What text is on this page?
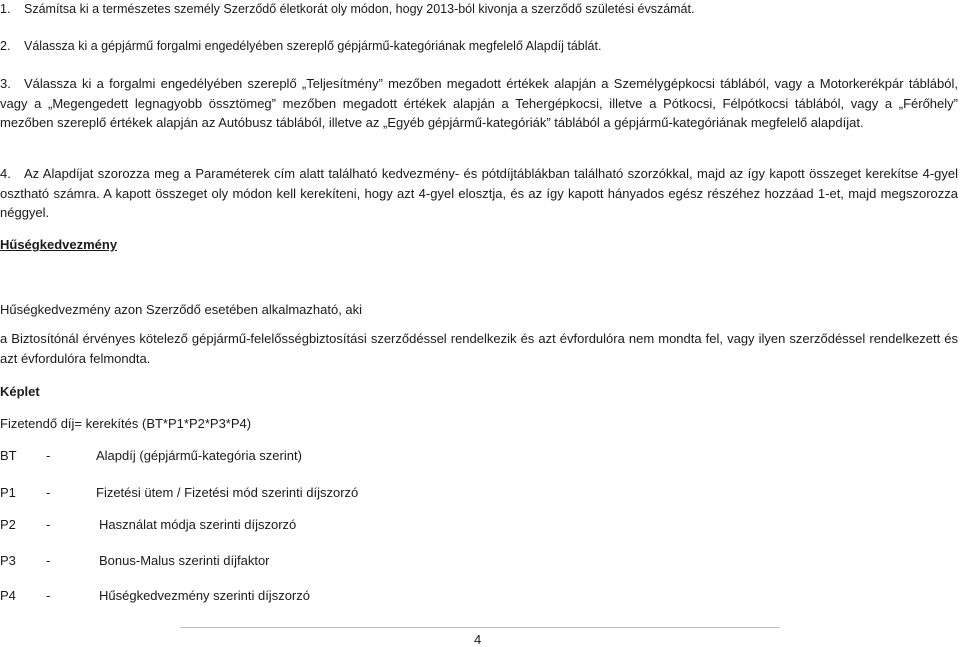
1. Számítsa ki a természetes személy Szerződő életkorát oly módon, hogy 2013-ból kivonja a szerződő születési évszámát.
2. Válassza ki a gépjármű forgalmi engedélyében szereplő gépjármű-kategóriának megfelelő Alapdíj táblát.
3. Válassza ki a forgalmi engedélyében szereplő „Teljesítmény” mezőben megadott értékek alapján a Személygépkocsi táblából, vagy a Motorkerékpár táblából, vagy a „Megengedett legnagyobb össztömeg” mezőben megadott értékek alapján a Tehergépkocsi, illetve a Pótkocsi, Félpótkocsi táblából, vagy a „Férőhely” mezőben szereplő értékek alapján az Autóbusz táblából, illetve az „Egyéb gépjármű-kategóriák” táblából a gépjármű-kategóriának megfelelő alapdíjat.
4. Az Alapdíjat szorozza meg a Paraméterek cím alatt található kedvezmény- és pótdíjtáblákban található szorzókkal, majd az így kapott összeget kerekítse 4-gyel osztható számra. A kapott összeget oly módon kell kerekíteni, hogy azt 4-gyel elosztja, és az így kapott hányados egész részéhez hozzáad 1-et, majd megszorozza néggyel.
Hűségkedvezmény
Hűségkedvezmény azon Szerződő esetében alkalmazható, aki
a Biztosítónál érvényes kötelező gépjármű-felelősségbiztosítási szerződéssel rendelkezik és azt évfordulóra nem mondta fel, vagy ilyen szerződéssel rendelkezett és azt évfordulóra felmondta.
Képlet
Fizetendő díj= kerekítés (BT*P1*P2*P3*P4)
BT -	Alapdíj (gépjármű-kategória szerint)
P1 -	Fizetési ütem / Fizetési mód szerinti díjszorzó
P2 -	Használat módja szerinti díjszorzó
P3 -	Bonus-Malus szerinti díjfaktor
P4 -	Hűségkedvezmény szerinti díjszorzó
4
